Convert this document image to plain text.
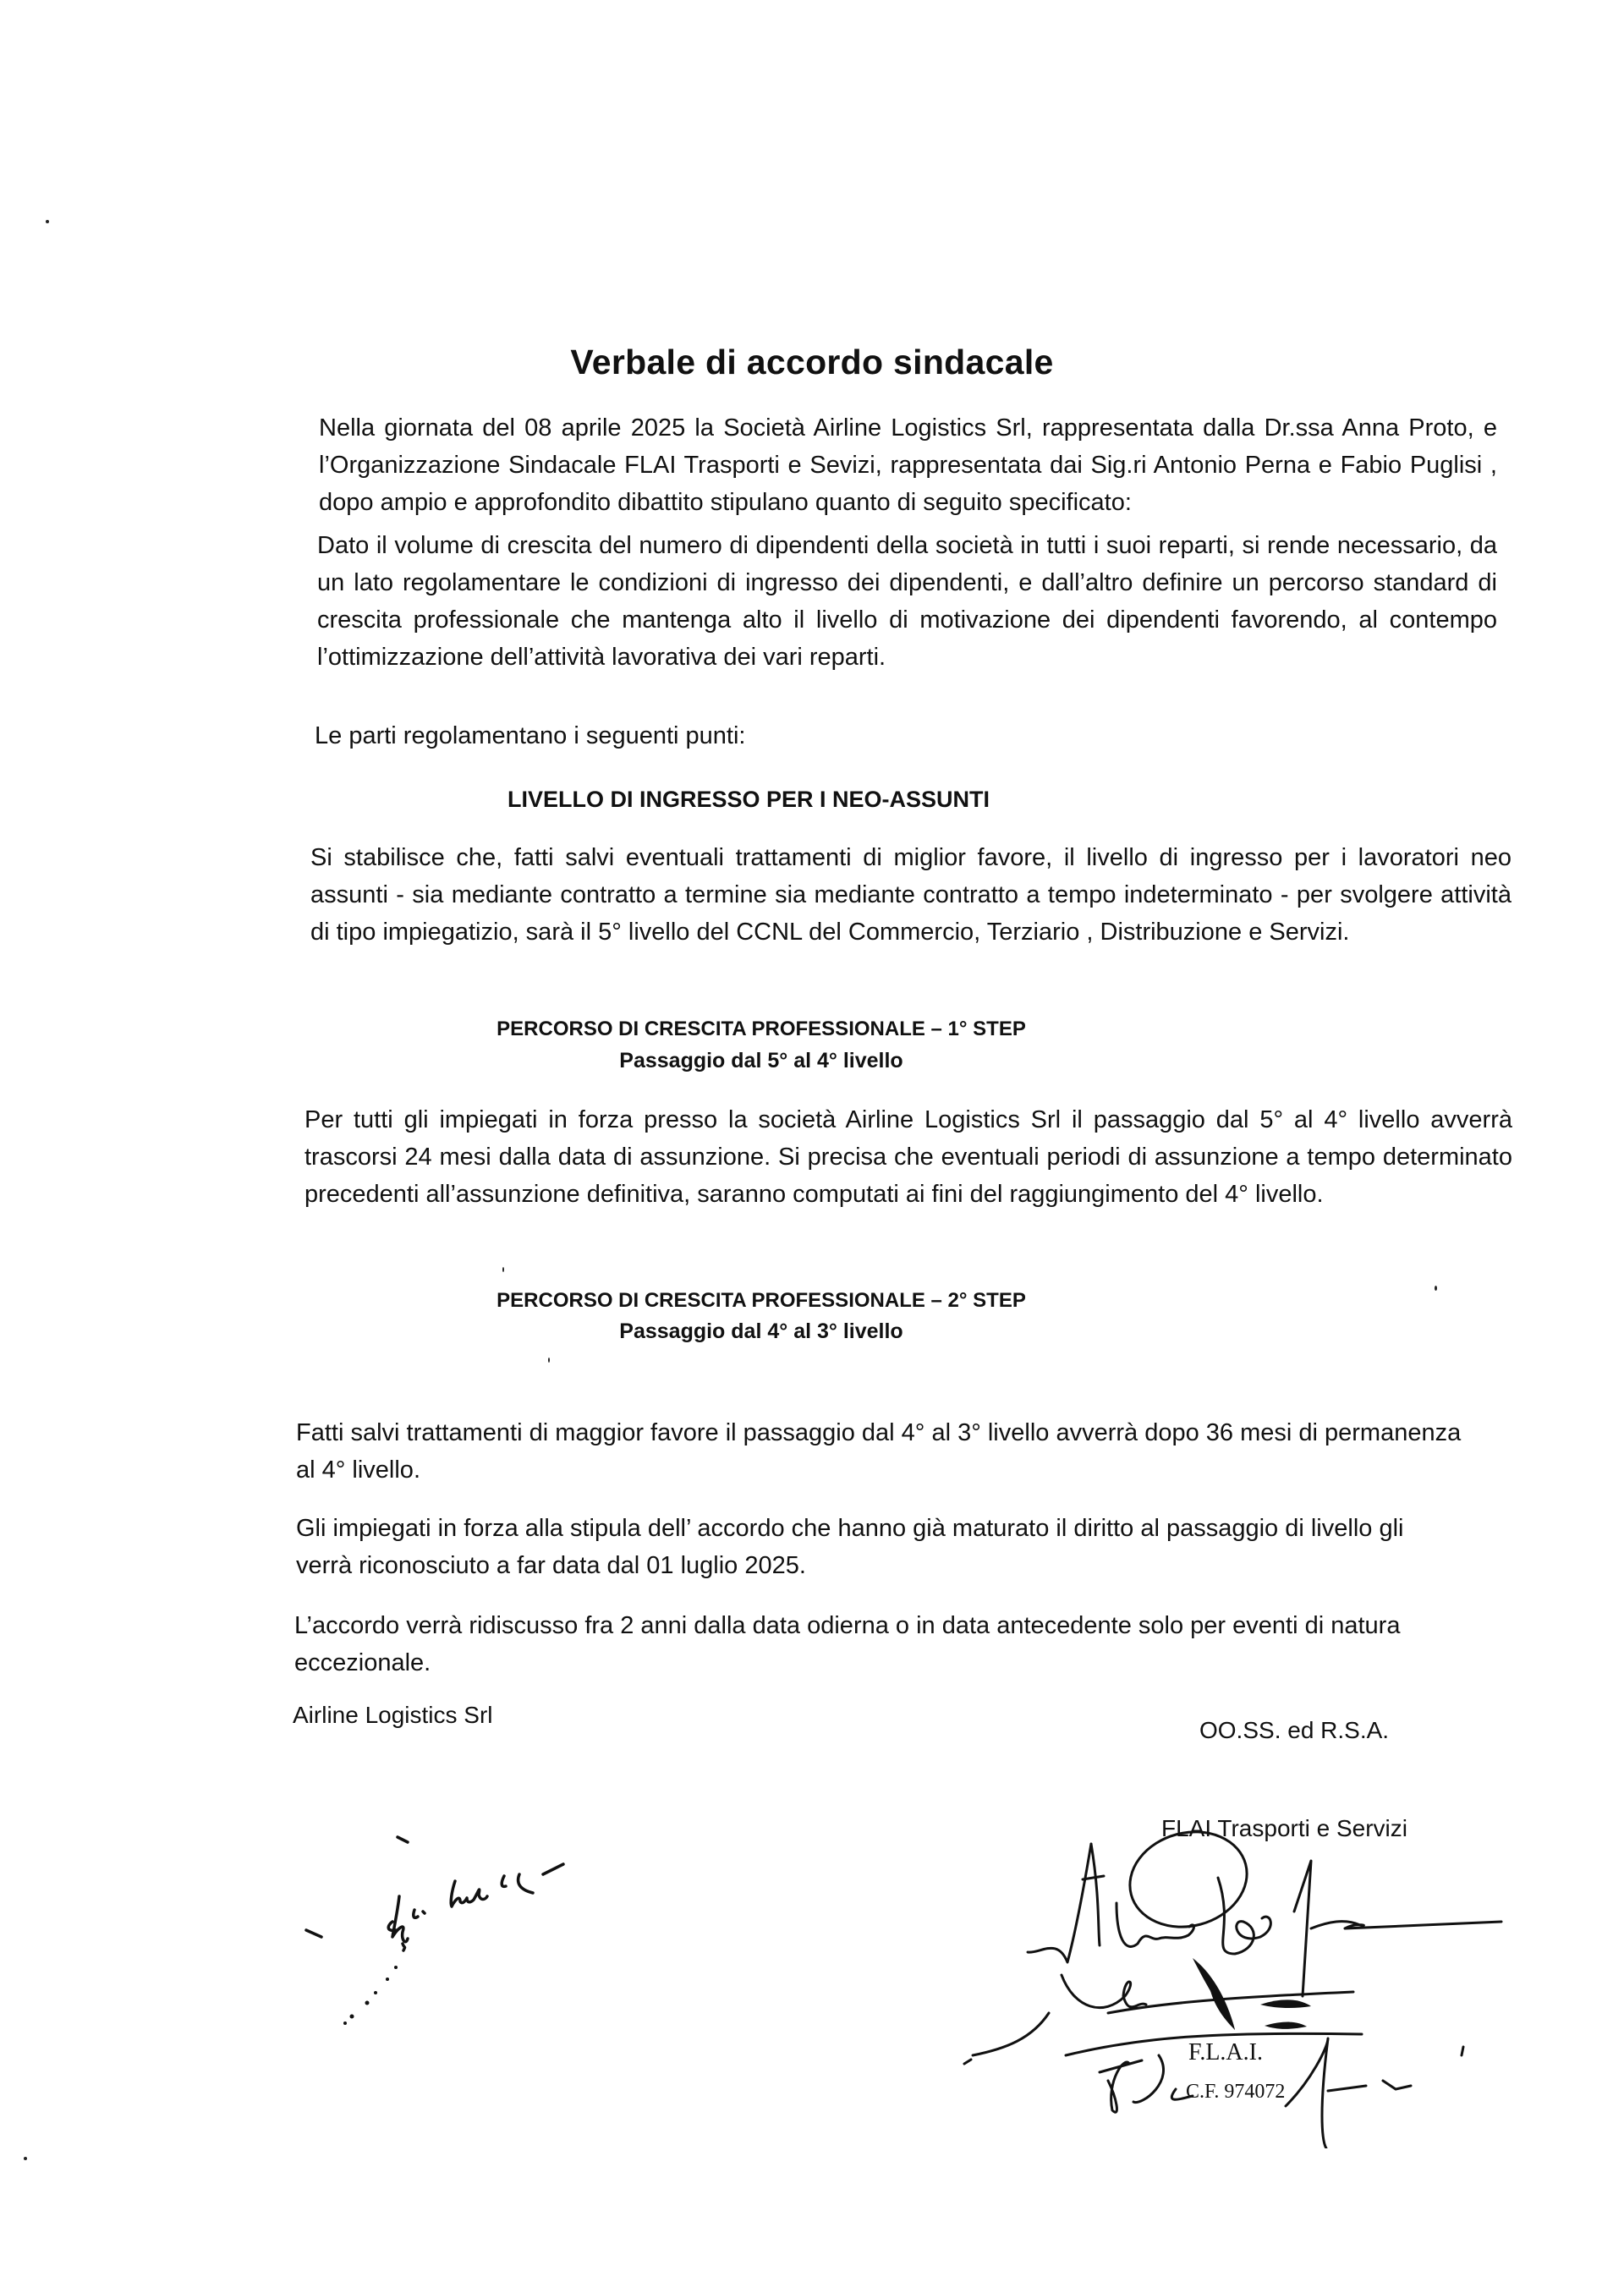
Verbale di accordo sindacale
Nella giornata del 08 aprile 2025 la Società Airline Logistics Srl, rappresentata dalla Dr.ssa Anna Proto, e l’Organizzazione Sindacale FLAI Trasporti e Sevizi, rappresentata dai Sig.ri Antonio Perna e Fabio Puglisi , dopo ampio e approfondito dibattito stipulano quanto di seguito specificato:
Dato il volume di crescita del numero di dipendenti della società in tutti i suoi reparti, si rende necessario, da un lato regolamentare le condizioni di ingresso dei dipendenti, e dall’altro definire un percorso standard di crescita professionale che mantenga alto il livello di motivazione dei dipendenti favorendo, al contempo l’ottimizzazione dell’attività lavorativa dei vari reparti.
Le parti regolamentano i seguenti punti:
LIVELLO DI INGRESSO PER I NEO-ASSUNTI
Si stabilisce che, fatti salvi eventuali trattamenti di miglior favore, il livello di ingresso per i lavoratori neo assunti - sia mediante contratto a termine sia mediante contratto a tempo indeterminato - per svolgere attività di tipo impiegatizio, sarà il 5° livello del CCNL del Commercio, Terziario , Distribuzione e Servizi.
PERCORSO DI CRESCITA PROFESSIONALE – 1° STEP
Passaggio dal 5° al 4° livello
Per tutti gli impiegati in forza presso la società Airline Logistics Srl il passaggio dal 5° al 4° livello avverrà trascorsi 24 mesi dalla data di assunzione. Si precisa che eventuali periodi di assunzione a tempo determinato precedenti all’assunzione definitiva, saranno computati ai fini del raggiungimento del 4° livello.
PERCORSO DI CRESCITA PROFESSIONALE – 2° STEP
Passaggio dal 4° al 3° livello
Fatti salvi trattamenti di maggior favore il passaggio dal 4° al 3° livello avverrà dopo 36 mesi di permanenza al 4° livello.
Gli impiegati in forza alla stipula dell’ accordo che hanno già maturato il diritto al passaggio di livello gli verrà riconosciuto a far data dal 01 luglio 2025.
L’accordo verrà ridiscusso fra 2 anni dalla data odierna o in data antecedente solo per eventi di natura eccezionale.
Airline Logistics Srl
OO.SS. ed R.S.A.
FLAI Trasporti e Servizi
F.L.A.I.
C.F. 974072
